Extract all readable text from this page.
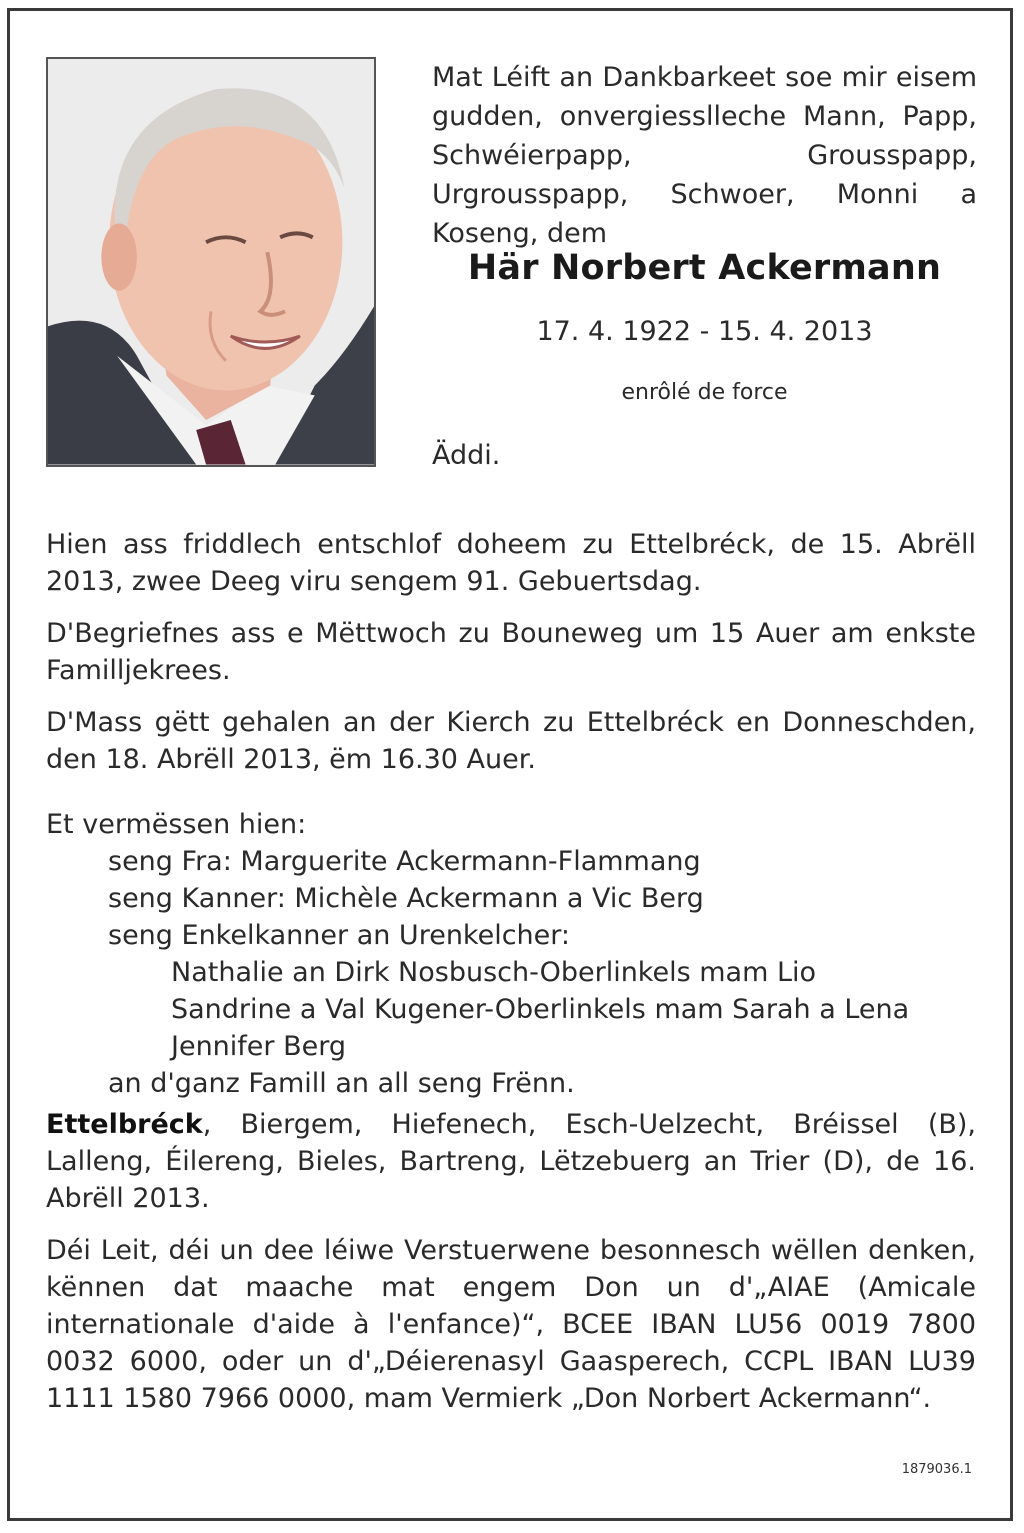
Mat Léift an Dankbarkeet soe mir eisem gudden, onvergiesslleche Mann, Papp, Schwéierpapp, Grousspapp, Urgrousspapp, Schwoer, Monni a Koseng, dem
Här Norbert Ackermann
17. 4. 1922 - 15. 4. 2013
enrôlé de force
Äddi.

Hien ass friddlech entschlof doheem zu Ettelbréck, de 15. Abrëll 2013, zwee Deeg viru sengem 91. Gebuertsdag.

D'Begriefnes ass e Mëttwoch zu Bouneweg um 15 Auer am enkste Familljekrees.

D'Mass gëtt gehalen an der Kierch zu Ettelbréck en Donneschden, den 18. Abrëll 2013, ëm 16.30 Auer.

Et vermëssen hien:
seng Fra: Marguerite Ackermann-Flammang
seng Kanner: Michèle Ackermann a Vic Berg
seng Enkelkanner an Urenkelcher:
Nathalie an Dirk Nosbusch-Oberlinkels mam Lio
Sandrine a Val Kugener-Oberlinkels mam Sarah a Lena
Jennifer Berg
an d'ganz Famill an all seng Frënn.

Ettelbréck, Biergem, Hiefenech, Esch-Uelzecht, Bréissel (B), Lalleng, Éilereng, Bieles, Bartreng, Lëtzebuerg an Trier (D), de 16. Abrëll 2013.

Déi Leit, déi un dee léiwe Verstuerwene besonnesch wëllen denken, kënnen dat maache mat engem Don un d'„AIAE (Amicale internationale d'aide à l'enfance)“, BCEE IBAN LU56 0019 7800 0032 6000, oder un d'„Déierenasyl Gaasperech, CCPL IBAN LU39 1111 1580 7966 0000, mam Vermierk „Don Norbert Ackermann“.

1879036.1
